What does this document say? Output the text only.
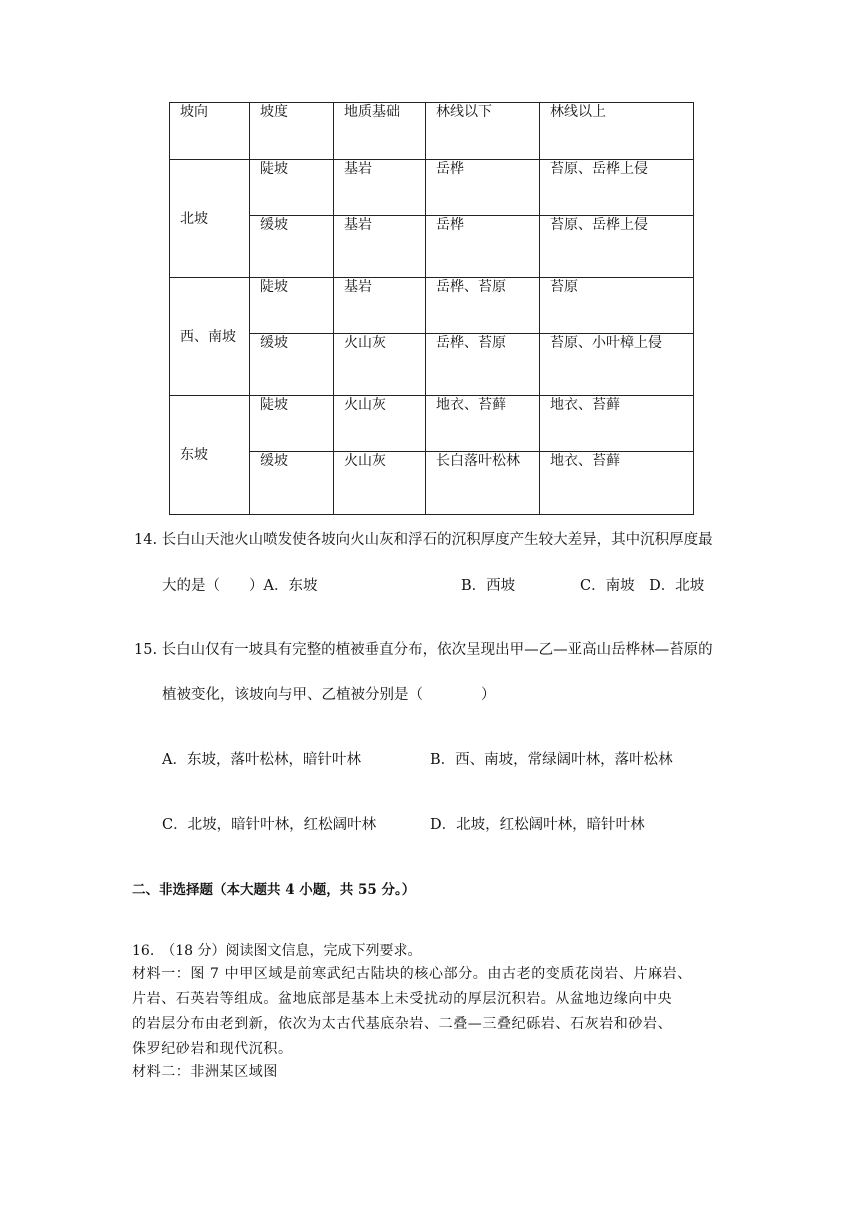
坡向	坡度	地质基础	林线以下	林线以上
北坡	陡坡	基岩	岳桦	苔原、岳桦上侵
	缓坡	基岩	岳桦	苔原、岳桦上侵
西、南坡	陡坡	基岩	岳桦、苔原	苔原
	缓坡	火山灰	岳桦、苔原	苔原、小叶樟上侵
东坡	陡坡	火山灰	地衣、苔藓	地衣、苔藓
	缓坡	火山灰	长白落叶松林	地衣、苔藓
14. 长白山天池火山喷发使各坡向火山灰和浮石的沉积厚度产生较大差异，其中沉积厚度最
大的是（　　）A．东坡	B．西坡	C．南坡　D．北坡
15. 长白山仅有一坡具有完整的植被垂直分布，依次呈现出甲—乙—亚高山岳桦林—苔原的
植被变化，该坡向与甲、乙植被分别是（　　　　）
A．东坡，落叶松林，暗针叶林	B．西、南坡，常绿阔叶林，落叶松林
C．北坡，暗针叶林，红松阔叶林	D．北坡，红松阔叶林，暗针叶林
二、非选择题（本大题共 4 小题，共 55 分。）
16.　（18 分）阅读图文信息，完成下列要求。
材料一：图 7 中甲区域是前寒武纪古陆块的核心部分。由古老的变质花岗岩、片麻岩、
片岩、石英岩等组成。盆地底部是基本上未受扰动的厚层沉积岩。从盆地边缘向中央
的岩层分布由老到新，依次为太古代基底杂岩、二叠—三叠纪砾岩、石灰岩和砂岩、
侏罗纪砂岩和现代沉积。
材料二：非洲某区域图
